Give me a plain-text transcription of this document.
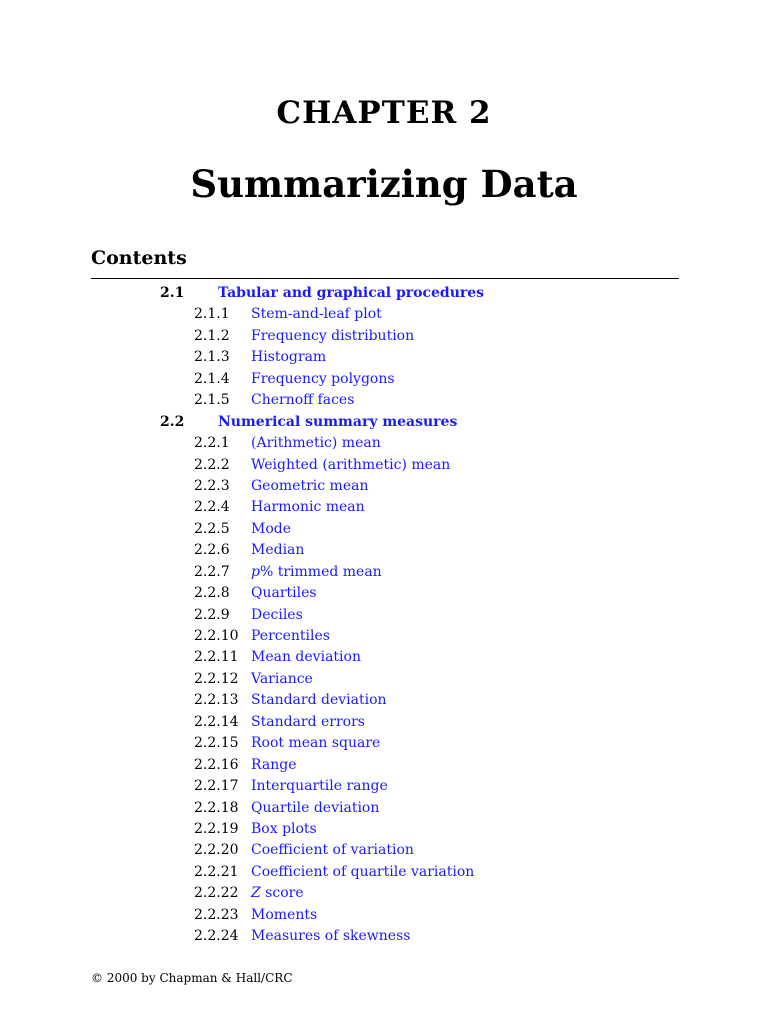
CHAPTER 2
Summarizing Data
Contents
2.1 Tabular and graphical procedures
2.1.1 Stem-and-leaf plot
2.1.2 Frequency distribution
2.1.3 Histogram
2.1.4 Frequency polygons
2.1.5 Chernoff faces
2.2 Numerical summary measures
2.2.1 (Arithmetic) mean
2.2.2 Weighted (arithmetic) mean
2.2.3 Geometric mean
2.2.4 Harmonic mean
2.2.5 Mode
2.2.6 Median
2.2.7 p% trimmed mean
2.2.8 Quartiles
2.2.9 Deciles
2.2.10 Percentiles
2.2.11 Mean deviation
2.2.12 Variance
2.2.13 Standard deviation
2.2.14 Standard errors
2.2.15 Root mean square
2.2.16 Range
2.2.17 Interquartile range
2.2.18 Quartile deviation
2.2.19 Box plots
2.2.20 Coefficient of variation
2.2.21 Coefficient of quartile variation
2.2.22 Z score
2.2.23 Moments
2.2.24 Measures of skewness
© 2000 by Chapman & Hall/CRC
